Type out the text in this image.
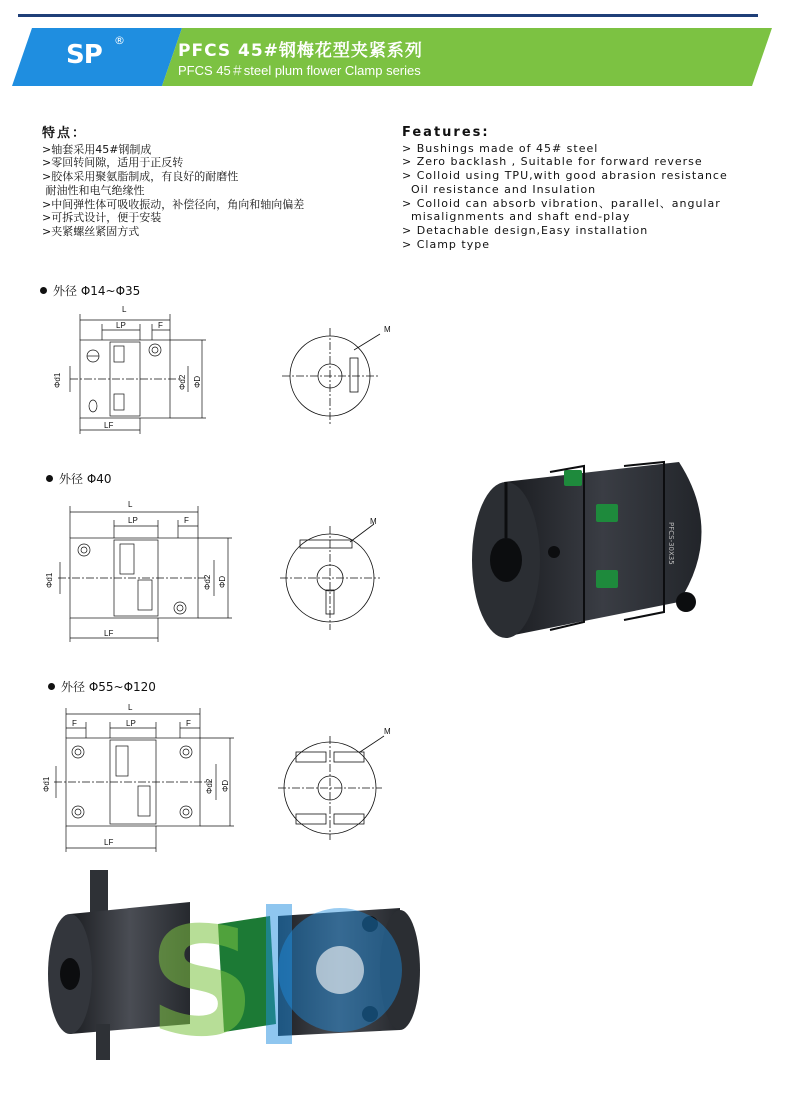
SP ®
PFCS 45#钢梅花型夹紧系列
PFCS 45＃steel plum flower Clamp series
特点：
>轴套采用45#钢制成
>零回转间隙，适用于正反转
>胶体采用聚氨脂制成，有良好的耐磨性
耐油性和电气绝缘性
>中间弹性体可吸收振动，补偿径向，角向和轴向偏差
>可拆式设计，便于安装
>夹紧螺丝紧固方式
Features:
> Bushings made of 45# steel
> Zero backlash , Suitable for forward reverse
> Colloid using TPU,with good abrasion resistance
Oil resistance and Insulation
> Colloid can absorb vibration、parallel、angular
misalignments and shaft end-play
> Detachable design,Easy installation
> Clamp type
外径 Φ14~Φ35
L
LP	F
LF
Φd1	Φd2 ΦD
M
外径 Φ40
L
LP	F
LF
Φd1	Φd2 ΦD
M
外径 Φ55~Φ120
L
F	LP	F
LF
Φd1	Φd2 ΦD
M
PFCS-30X35
S
